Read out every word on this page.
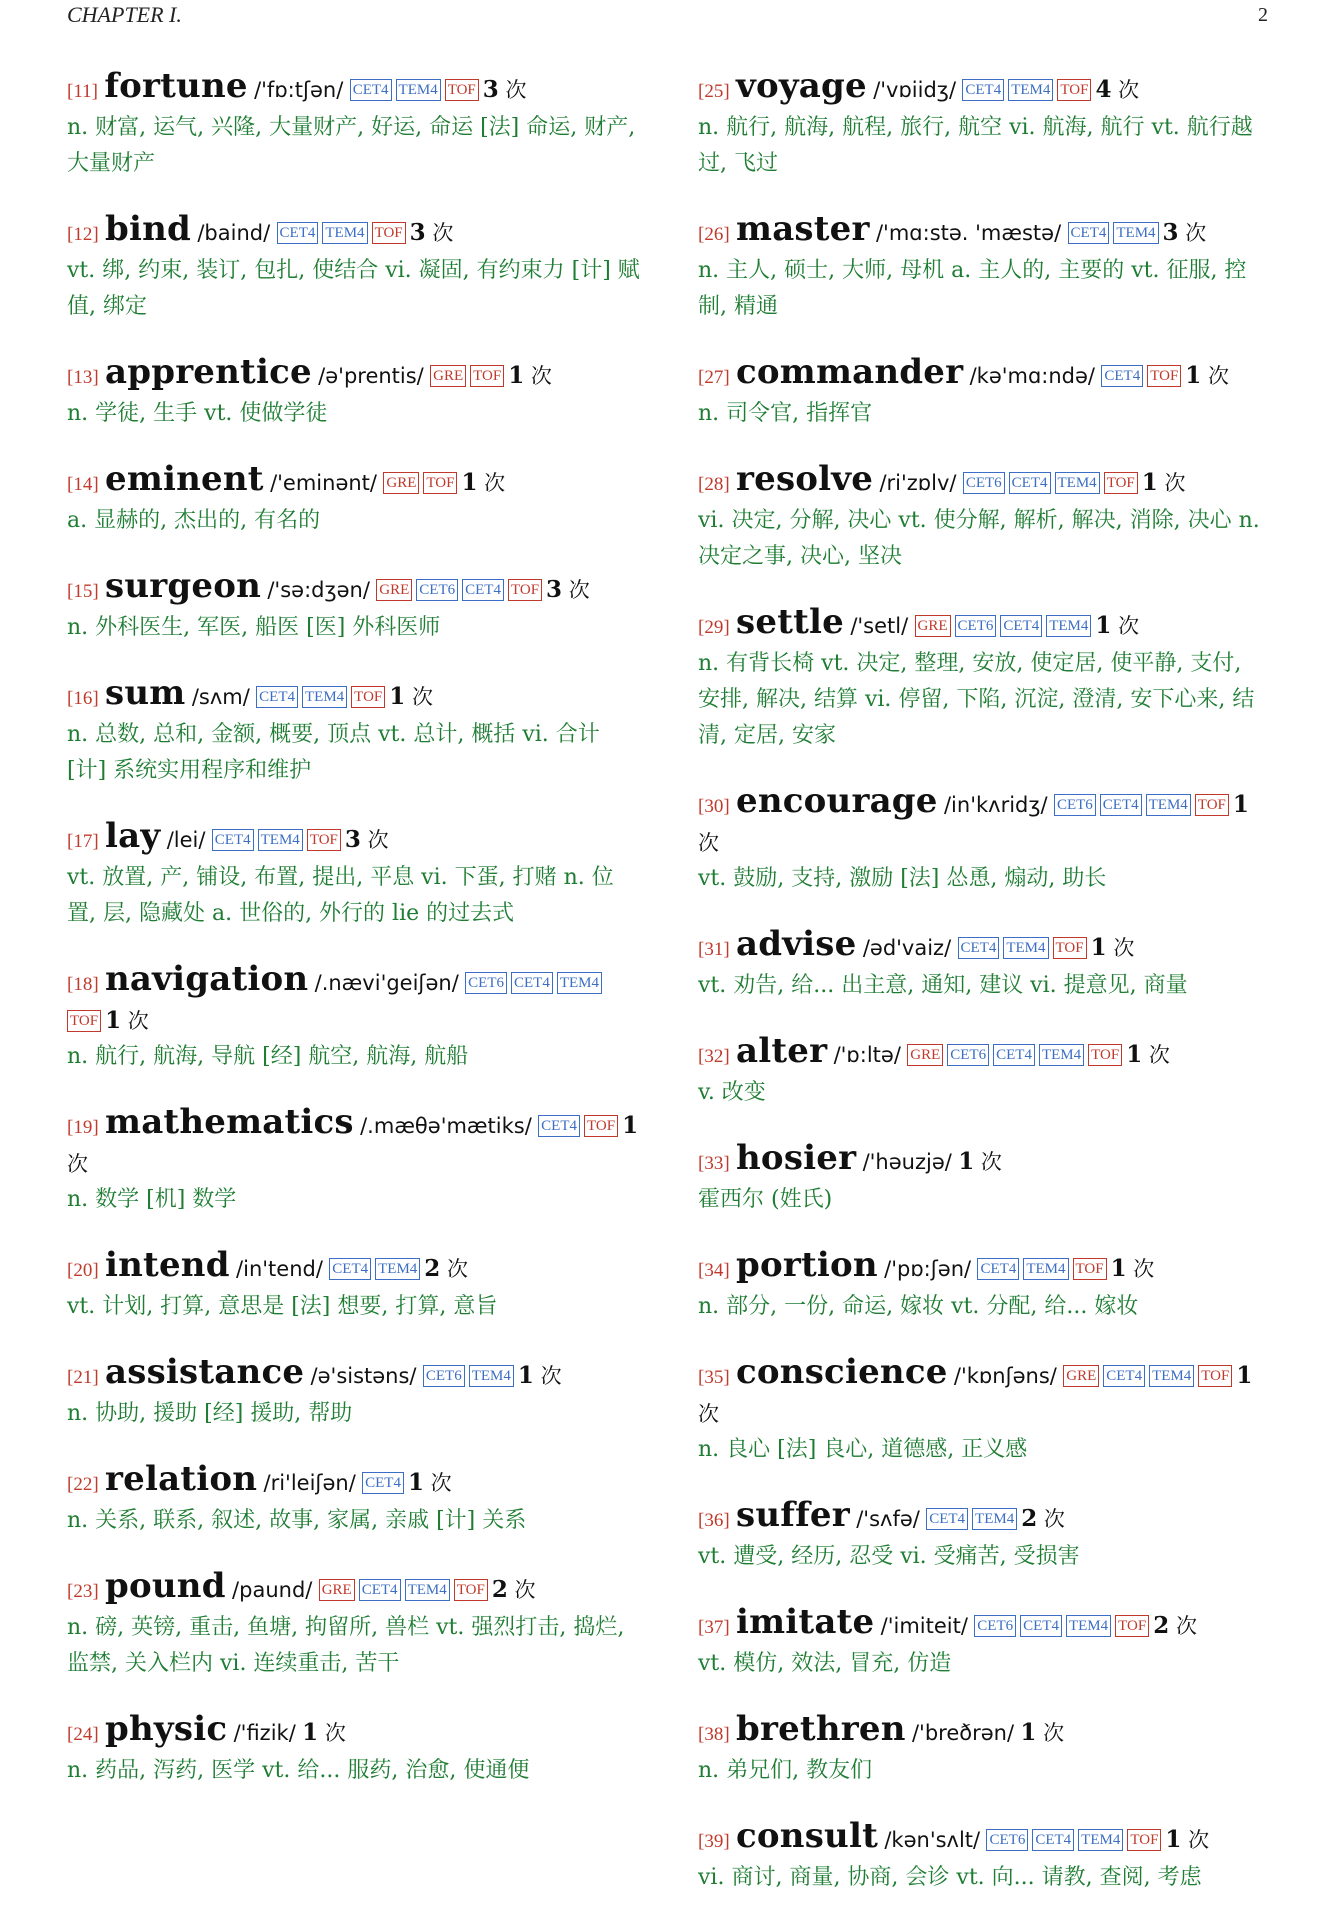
CHAPTER I.	2
[11] fortune /'fɒ:tʃən/ CET4 TEM4 TOF 3 次
n. 财富, 运气, 兴隆, 大量财产, 好运, 命运 [法] 命运, 财产, 大量财产
[12] bind /baind/ CET4 TEM4 TOF 3 次
vt. 绑, 约束, 装订, 包扎, 使结合 vi. 凝固, 有约束力 [计] 赋值, 绑定
[13] apprentice /ə'prentis/ GRE TOF 1 次
n. 学徒, 生手 vt. 使做学徒
[14] eminent /'eminənt/ GRE TOF 1 次
a. 显赫的, 杰出的, 有名的
[15] surgeon /'sə:dʒən/ GRE CET6 CET4 TOF 3 次
n. 外科医生, 军医, 船医 [医] 外科医师
[16] sum /sʌm/ CET4 TEM4 TOF 1 次
n. 总数, 总和, 金额, 概要, 顶点 vt. 总计, 概括 vi. 合计 [计] 系统实用程序和维护
[17] lay /lei/ CET4 TEM4 TOF 3 次
vt. 放置, 产, 铺设, 布置, 提出, 平息 vi. 下蛋, 打赌 n. 位置, 层, 隐藏处 a. 世俗的, 外行的 lie 的过去式
[18] navigation /.nævi'geiʃən/ CET6 CET4 TEM4TOF 1 次
n. 航行, 航海, 导航 [经] 航空, 航海, 航船
[19] mathematics /.mæθə'mætiks/ CET4 TOF 1 次
n. 数学 [机] 数学
[20] intend /in'tend/ CET4 TEM4 2 次
vt. 计划, 打算, 意思是 [法] 想要, 打算, 意旨
[21] assistance /ə'sistəns/ CET6 TEM4 1 次
n. 协助, 援助 [经] 援助, 帮助
[22] relation /ri'leiʃən/ CET4 1 次
n. 关系, 联系, 叙述, 故事, 家属, 亲戚 [计] 关系
[23] pound /paund/ GRE CET4 TEM4 TOF 2 次
n. 磅, 英镑, 重击, 鱼塘, 拘留所, 兽栏 vt. 强烈打击, 捣烂, 监禁, 关入栏内 vi. 连续重击, 苦干
[24] physic /'fizik/ 1 次
n. 药品, 泻药, 医学 vt. 给... 服药, 治愈, 使通便
[25] voyage /'vɒiidʒ/ CET4 TEM4 TOF 4 次
n. 航行, 航海, 航程, 旅行, 航空 vi. 航海, 航行 vt. 航行越过, 飞过
[26] master /'mɑ:stə. 'mæstə/ CET4 TEM4 3 次
n. 主人, 硕士, 大师, 母机 a. 主人的, 主要的 vt. 征服, 控制, 精通
[27] commander /kə'mɑ:ndə/ CET4 TOF 1 次
n. 司令官, 指挥官
[28] resolve /ri'zɒlv/ CET6 CET4 TEM4 TOF 1 次
vi. 决定, 分解, 决心 vt. 使分解, 解析, 解决, 消除, 决心 n. 决定之事, 决心, 坚决
[29] settle /'setl/ GRE CET6 CET4 TEM4 1 次
n. 有背长椅 vt. 决定, 整理, 安放, 使定居, 使平静, 支付, 安排, 解决, 结算 vi. 停留, 下陷, 沉淀, 澄清, 安下心来, 结清, 定居, 安家
[30] encourage /in'kʌridʒ/ CET6 CET4 TEM4 TOF 1 次
vt. 鼓励, 支持, 激励 [法] 怂恿, 煽动, 助长
[31] advise /əd'vaiz/ CET4 TEM4 TOF 1 次
vt. 劝告, 给... 出主意, 通知, 建议 vi. 提意见, 商量
[32] alter /'ɒ:ltə/ GRE CET6 CET4 TEM4 TOF 1 次
v. 改变
[33] hosier /'həuzjə/ 1 次
霍西尔 (姓氏)
[34] portion /'pɒ:ʃən/ CET4 TEM4 TOF 1 次
n. 部分, 一份, 命运, 嫁妆 vt. 分配, 给... 嫁妆
[35] conscience /'kɒnʃəns/ GRE CET4 TEM4 TOF 1 次
n. 良心 [法] 良心, 道德感, 正义感
[36] suffer /'sʌfə/ CET4 TEM4 2 次
vt. 遭受, 经历, 忍受 vi. 受痛苦, 受损害
[37] imitate /'imiteit/ CET6 CET4 TEM4 TOF 2 次
vt. 模仿, 效法, 冒充, 仿造
[38] brethren /'breðrən/ 1 次
n. 弟兄们, 教友们
[39] consult /kən'sʌlt/ CET6 CET4 TEM4 TOF 1 次
vi. 商讨, 商量, 协商, 会诊 vt. 向... 请教, 查阅, 考虑
